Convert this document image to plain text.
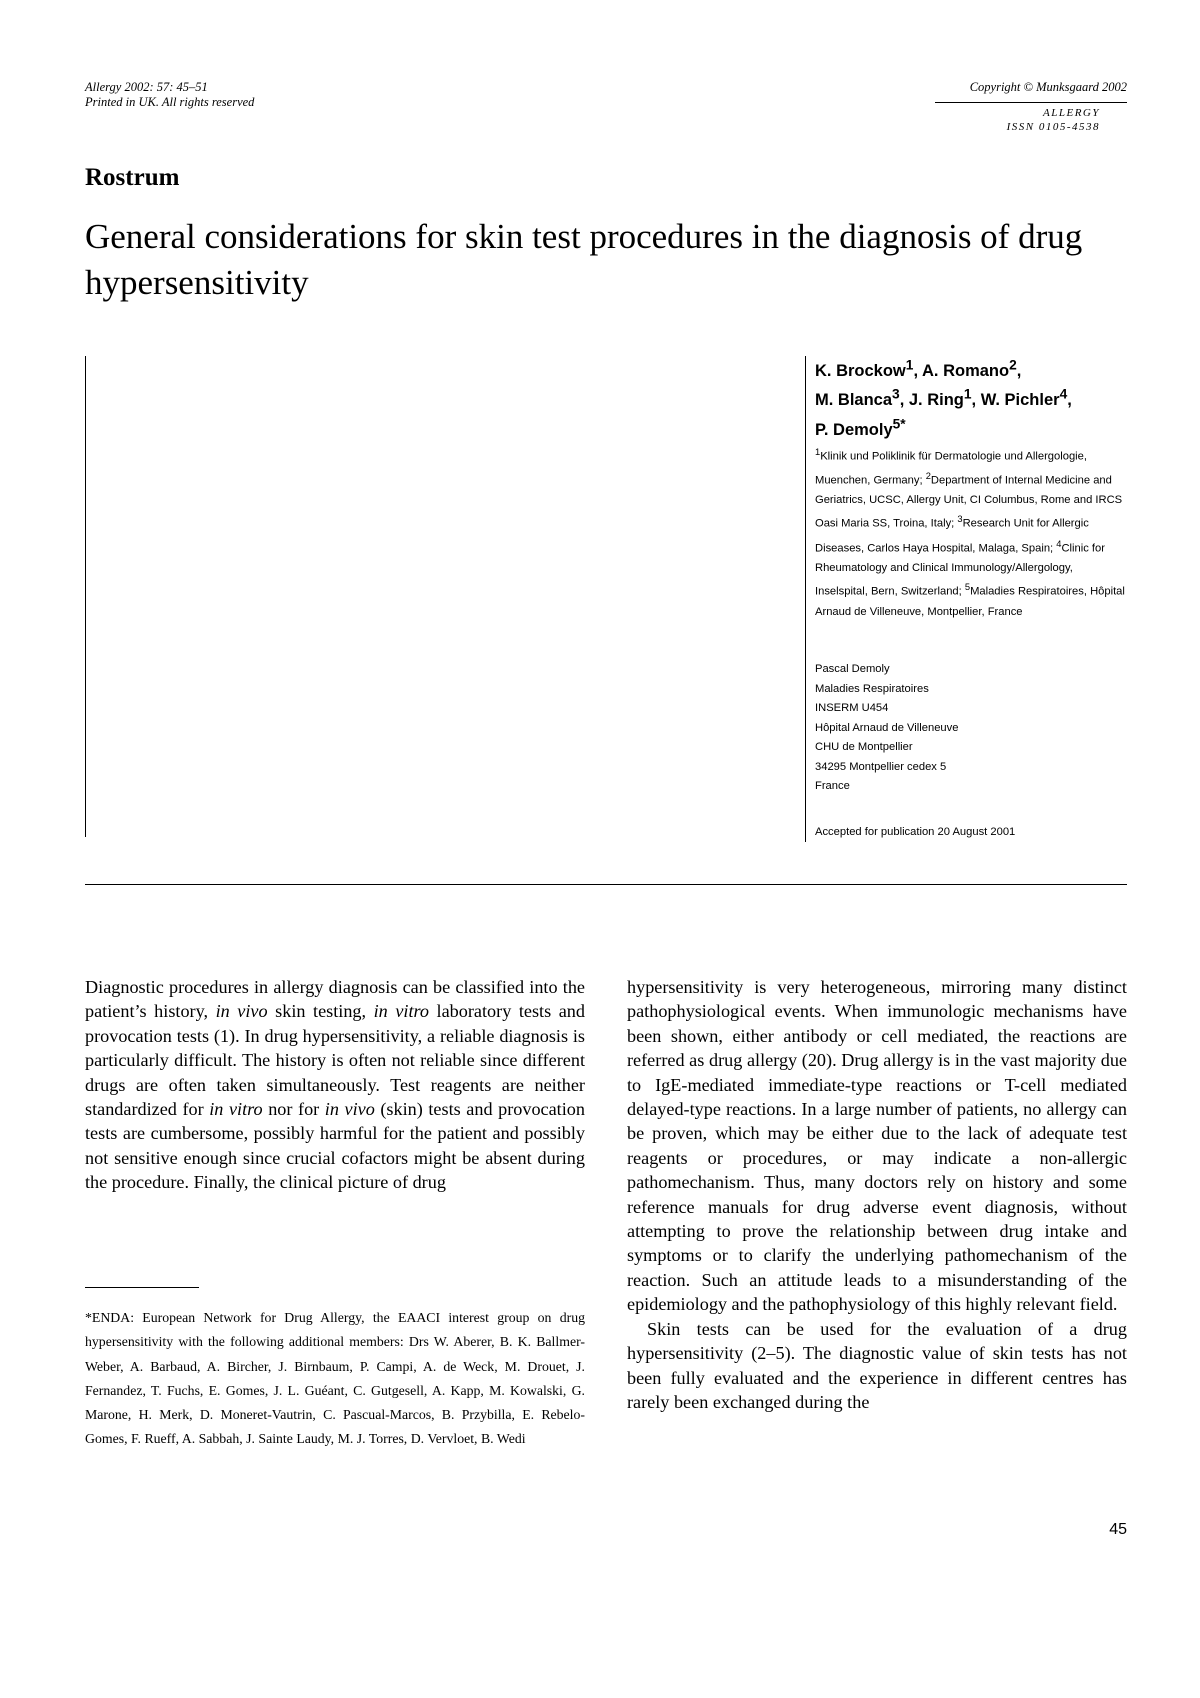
Allergy 2002: 57: 45–51
Printed in UK. All rights reserved
Copyright © Munksgaard 2002
ALLERGY
ISSN 0105-4538
Rostrum
General considerations for skin test procedures in the diagnosis of drug hypersensitivity
K. Brockow$^1$, A. Romano$^2$,
M. Blanca$^3$, J. Ring$^1$, W. Pichler$^4$,
P. Demoly$^{5*}$
$^1$Klinik und Poliklinik für Dermatologie und Allergologie, Muenchen, Germany; $^2$Department of Internal Medicine and Geriatrics, UCSC, Allergy Unit, CI Columbus, Rome and IRCS Oasi Maria SS, Troina, Italy; $^3$Research Unit for Allergic Diseases, Carlos Haya Hospital, Malaga, Spain; $^4$Clinic for Rheumatology and Clinical Immunology/Allergology, Inselspital, Bern, Switzerland; $^5$Maladies Respiratoires, Hôpital Arnaud de Villeneuve, Montpellier, France
Pascal Demoly
Maladies Respiratoires
INSERM U454
Hôpital Arnaud de Villeneuve
CHU de Montpellier
34295 Montpellier cedex 5
France
Accepted for publication 20 August 2001

Diagnostic procedures in allergy diagnosis can be classified into the patient’s history, in vivo skin testing, in vitro laboratory tests and provocation tests (1). In drug hypersensitivity, a reliable diagnosis is particularly difficult. The history is often not reliable since different drugs are often taken simultaneously. Test reagents are neither standardized for in vitro nor for in vivo (skin) tests and provocation tests are cumbersome, possibly harmful for the patient and possibly not sensitive enough since crucial cofactors might be absent during the procedure. Finally, the clinical picture of drug

*ENDA: European Network for Drug Allergy, the EAACI interest group on drug hypersensitivity with the following additional members: Drs W. Aberer, B. K. Ballmer-Weber, A. Barbaud, A. Bircher, J. Birnbaum, P. Campi, A. de Weck, M. Drouet, J. Fernandez, T. Fuchs, E. Gomes, J. L. Guéant, C. Gutgesell, A. Kapp, M. Kowalski, G. Marone, H. Merk, D. Moneret-Vautrin, C. Pascual-Marcos, B. Przybilla, E. Rebelo-Gomes, F. Rueff, A. Sabbah, J. Sainte Laudy, M. J. Torres, D. Vervloet, B. Wedi

hypersensitivity is very heterogeneous, mirroring many distinct pathophysiological events. When immunologic mechanisms have been shown, either antibody or cell mediated, the reactions are referred as drug allergy (20). Drug allergy is in the vast majority due to IgE-mediated immediate-type reactions or T-cell mediated delayed-type reactions. In a large number of patients, no allergy can be proven, which may be either due to the lack of adequate test reagents or procedures, or may indicate a non-allergic pathomechanism. Thus, many doctors rely on history and some reference manuals for drug adverse event diagnosis, without attempting to prove the relationship between drug intake and symptoms or to clarify the underlying pathomechanism of the reaction. Such an attitude leads to a misunderstanding of the epidemiology and the pathophysiology of this highly relevant field.

Skin tests can be used for the evaluation of a drug hypersensitivity (2–5). The diagnostic value of skin tests has not been fully evaluated and the experience in different centres has rarely been exchanged during the

45
